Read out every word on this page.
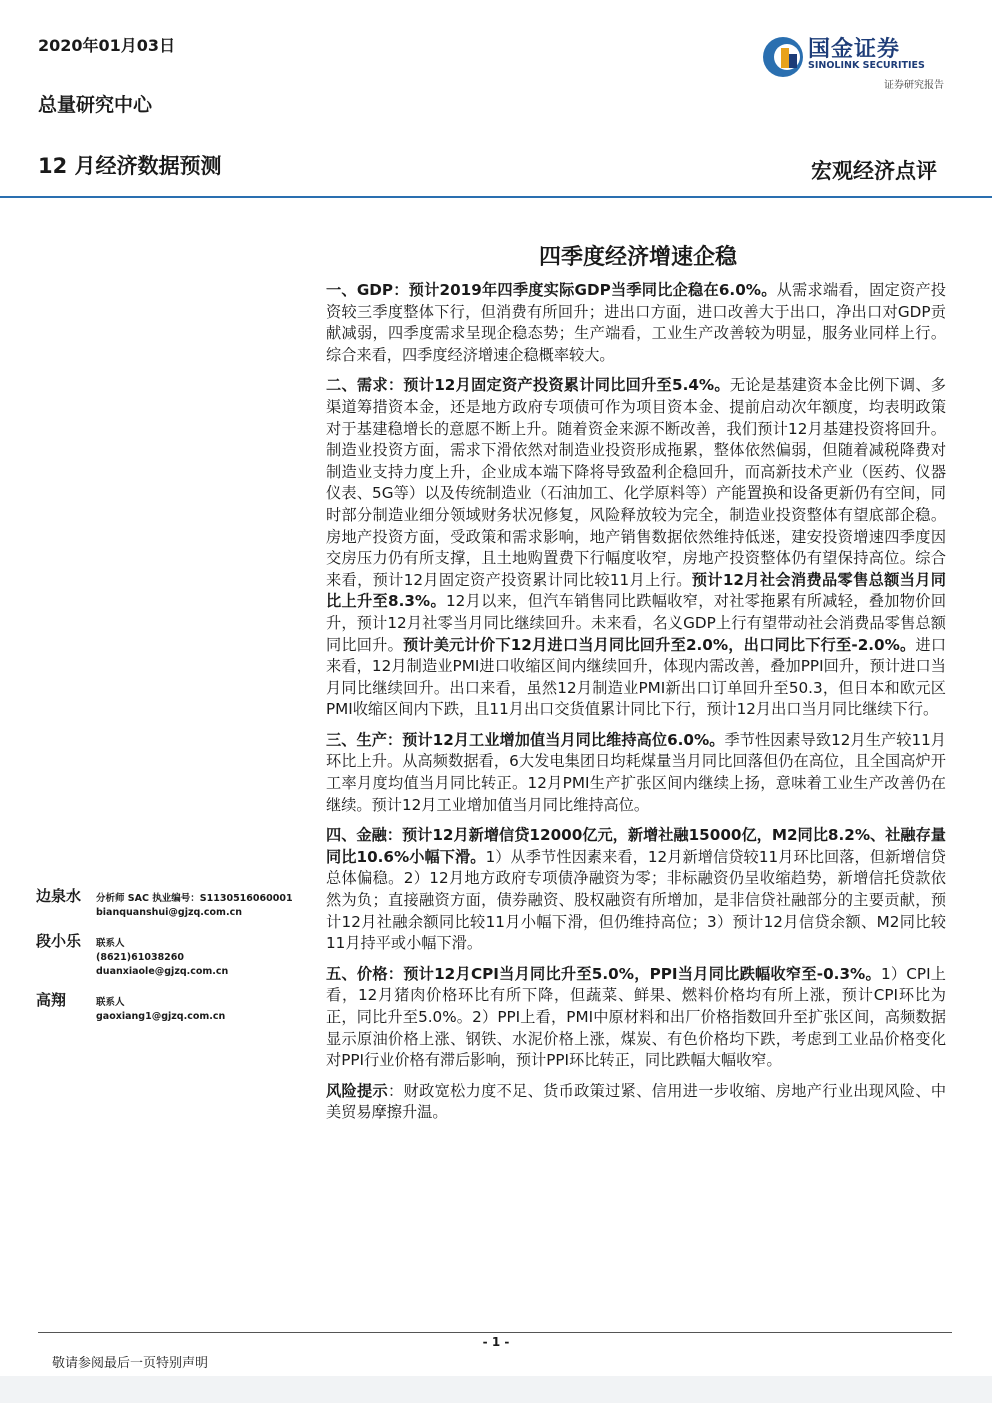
2020年01月03日
总量研究中心
12 月经济数据预测	宏观经济点评
国金证券
SINOLINK SECURITIES
证券研究报告
四季度经济增速企稳

一、GDP：预计2019年四季度实际GDP当季同比企稳在6.0%。从需求端看，固定资产投资较三季度整体下行，但消费有所回升；进出口方面，进口改善大于出口，净出口对GDP贡献减弱，四季度需求呈现企稳态势；生产端看，工业生产改善较为明显，服务业同样上行。综合来看，四季度经济增速企稳概率较大。

二、需求：预计12月固定资产投资累计同比回升至5.4%。无论是基建资本金比例下调、多渠道筹措资本金，还是地方政府专项债可作为项目资本金、提前启动次年额度，均表明政策对于基建稳增长的意愿不断上升。随着资金来源不断改善，我们预计12月基建投资将回升。制造业投资方面，需求下滑依然对制造业投资形成拖累，整体依然偏弱，但随着减税降费对制造业支持力度上升，企业成本端下降将导致盈利企稳回升，而高新技术产业（医药、仪器仪表、5G等）以及传统制造业（石油加工、化学原料等）产能置换和设备更新仍有空间，同时部分制造业细分领域财务状况修复，风险释放较为完全，制造业投资整体有望底部企稳。房地产投资方面，受政策和需求影响，地产销售数据依然维持低迷，建安投资增速四季度因交房压力仍有所支撑，且土地购置费下行幅度收窄，房地产投资整体仍有望保持高位。综合来看，预计12月固定资产投资累计同比较11月上行。预计12月社会消费品零售总额当月同比上升至8.3%。12月以来，但汽车销售同比跌幅收窄，对社零拖累有所减轻，叠加物价回升，预计12月社零当月同比继续回升。未来看，名义GDP上行有望带动社会消费品零售总额同比回升。预计美元计价下12月进口当月同比回升至2.0%，出口同比下行至-2.0%。进口来看，12月制造业PMI进口收缩区间内继续回升，体现内需改善，叠加PPI回升，预计进口当月同比继续回升。出口来看，虽然12月制造业PMI新出口订单回升至50.3，但日本和欧元区PMI收缩区间内下跌，且11月出口交货值累计同比下行，预计12月出口当月同比继续下行。

三、生产：预计12月工业增加值当月同比维持高位6.0%。季节性因素导致12月生产较11月环比上升。从高频数据看，6大发电集团日均耗煤量当月同比回落但仍在高位，且全国高炉开工率月度均值当月同比转正。12月PMI生产扩张区间内继续上扬，意味着工业生产改善仍在继续。预计12月工业增加值当月同比维持高位。

四、金融：预计12月新增信贷12000亿元，新增社融15000亿，M2同比8.2%、社融存量同比10.6%小幅下滑。1）从季节性因素来看，12月新增信贷较11月环比回落，但新增信贷总体偏稳。2）12月地方政府专项债净融资为零；非标融资仍呈收缩趋势，新增信托贷款依然为负；直接融资方面，债券融资、股权融资有所增加，是非信贷社融部分的主要贡献，预计12月社融余额同比较11月小幅下滑，但仍维持高位；3）预计12月信贷余额、M2同比较11月持平或小幅下滑。

五、价格：预计12月CPI当月同比升至5.0%，PPI当月同比跌幅收窄至-0.3%。1）CPI上看，12月猪肉价格环比有所下降，但蔬菜、鲜果、燃料价格均有所上涨，预计CPI环比为正，同比升至5.0%。2）PPI上看，PMI中原材料和出厂价格指数回升至扩张区间，高频数据显示原油价格上涨、钢铁、水泥价格上涨，煤炭、有色价格均下跌，考虑到工业品价格变化对PPI行业价格有滞后影响，预计PPI环比转正，同比跌幅大幅收窄。

风险提示：财政宽松力度不足、货币政策过紧、信用进一步收缩、房地产行业出现风险、中美贸易摩擦升温。

边泉水	分析师 SAC 执业编号：S1130516060001
bianquanshui@gjzq.com.cn
段小乐	联系人
(8621)61038260
duanxiaole@gjzq.com.cn
高翔	联系人
gaoxiang1@gjzq.com.cn
- 1 -
敬请参阅最后一页特别声明
